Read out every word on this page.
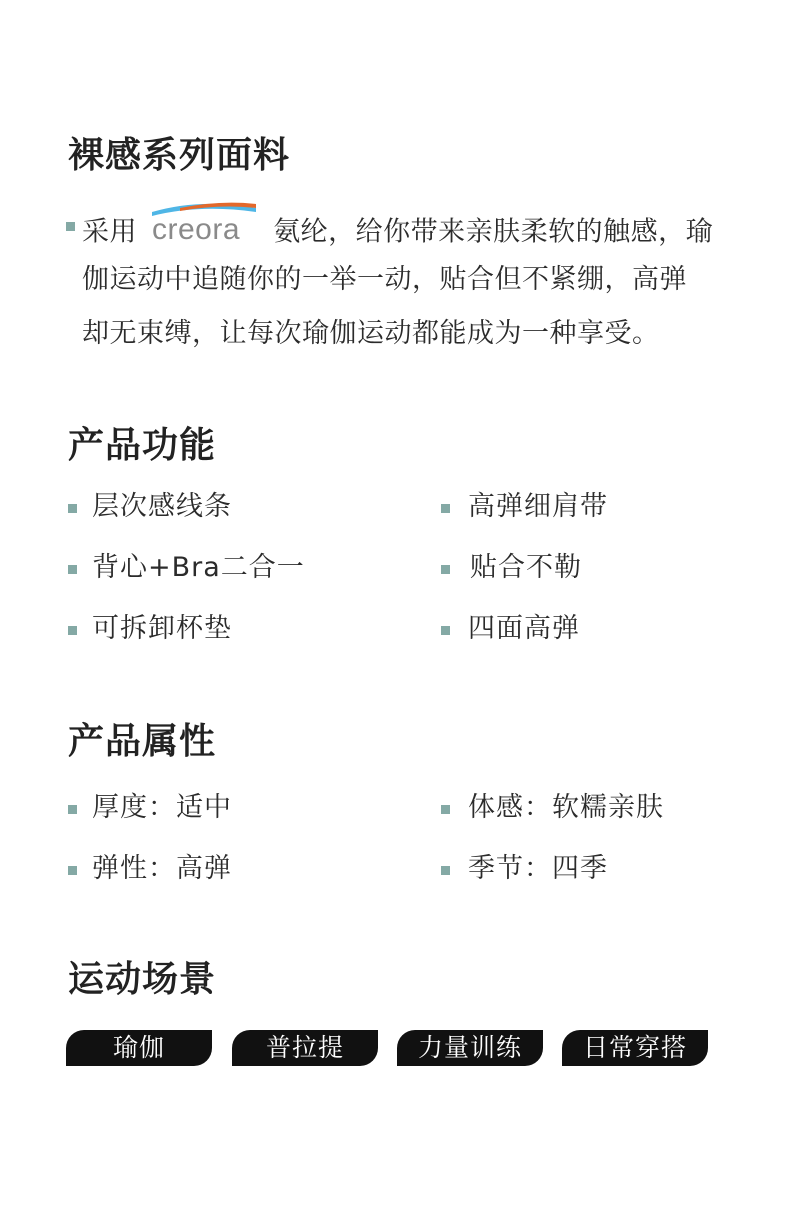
裸感系列面料
采用 creora 氨纶，给你带来亲肤柔软的触感，瑜
伽运动中追随你的一举一动，贴合但不紧绷，高弹
却无束缚，让每次瑜伽运动都能成为一种享受。
产品功能
层次感线条	高弹细肩带
背心+Bra二合一	贴合不勒
可拆卸杯垫	四面高弹
产品属性
厚度：适中	体感：软糯亲肤
弹性：高弹	季节：四季
运动场景
瑜伽	普拉提	力量训练	日常穿搭
